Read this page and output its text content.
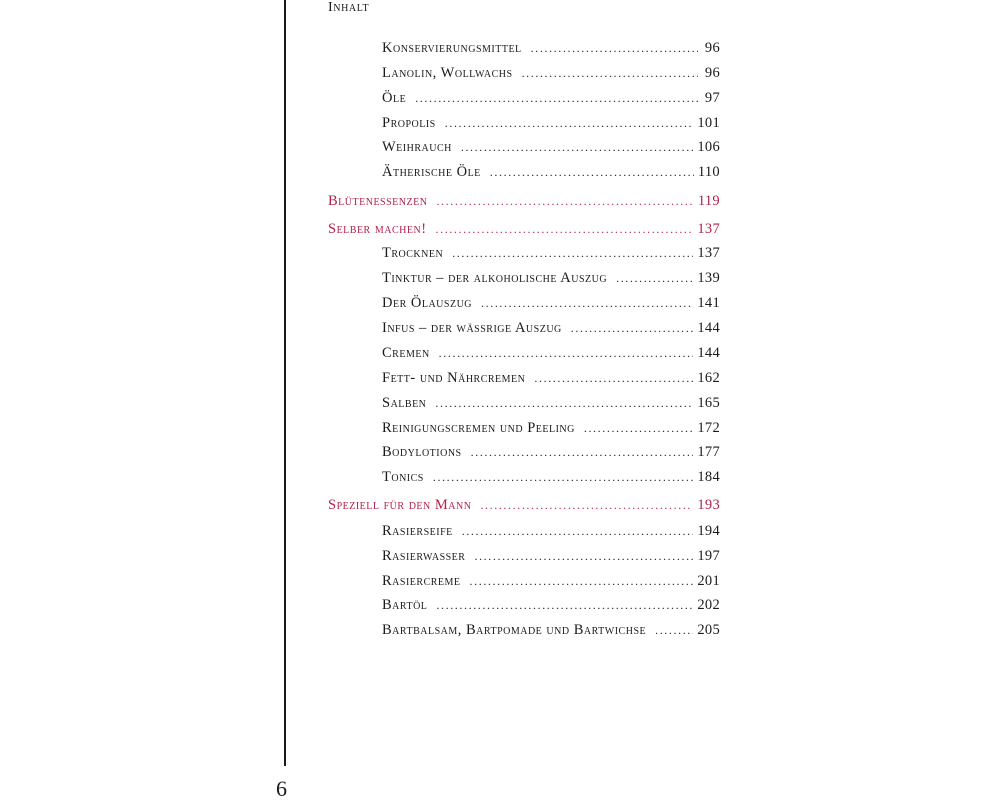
Inhalt
Konservierungsmittel .....	96
Lanolin, Wollwachs .....	96
Öle .....	97
Propolis .....	101
Weihrauch .....	106
Ätherische Öle .....	110
Blütenessenzen .....	119
Selber machen! .....	137
Trocknen .....	137
Tinktur – der alkoholische Auszug .....	139
Der Ölauszug .....	141
Infus – der wässrige Auszug .....	144
Cremen .....	144
Fett- und Nährcremen .....	162
Salben .....	165
Reinigungscremen und Peeling .....	172
Bodylotions .....	177
Tonics .....	184
Speziell für den Mann .....	193
Rasierseife .....	194
Rasierwasser .....	197
Rasiercreme .....	201
Bartöl .....	202
Bartbalsam, Bartpomade und Bartwichse .....	205
6
